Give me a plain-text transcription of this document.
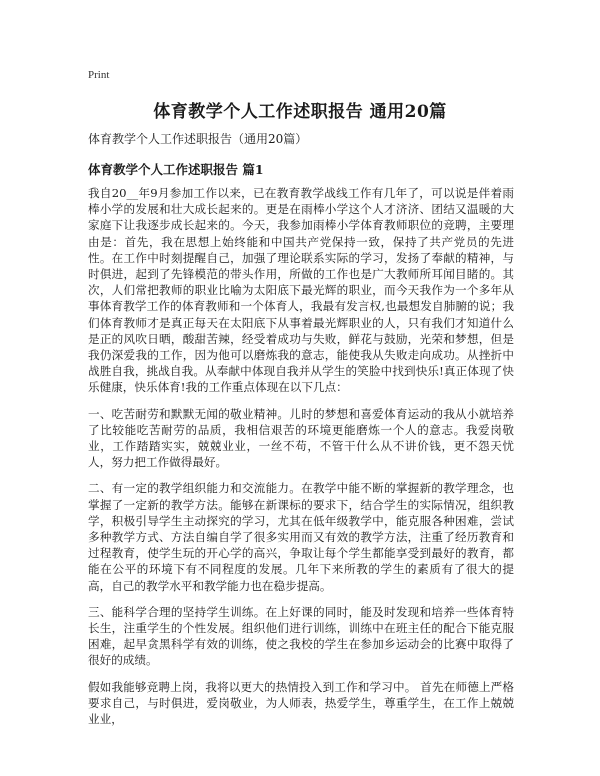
Print
体育教学个人工作述职报告 通用20篇
体育教学个人工作述职报告（通用20篇）
体育教学个人工作述职报告 篇1

我自20__年9月参加工作以来，已在教育教学战线工作有几年了，可以说是伴着雨棒小学的发展和壮大成长起来的。更是在雨棒小学这个人才济济、团结又温暖的大家庭下让我逐步成长起来的。今天，我参加雨棒小学体育教师职位的竞聘，主要理由是：首先，我在思想上始终能和中国共产党保持一致，保持了共产党员的先进性。在工作中时刻提醒自己，加强了理论联系实际的学习，发扬了奉献的精神，与时俱进，起到了先锋模范的带头作用，所做的工作也是广大教师所耳闻目睹的。其次，人们常把教师的职业比喻为太阳底下最光辉的职业，而今天我作为一个多年从事体育教学工作的体育教师和一个体育人，我最有发言权,也最想发自肺腑的说；我们体育教师才是真正每天在太阳底下从事着最光辉职业的人，只有我们才知道什么是正的风吹日晒，酸甜苦辣，经受着成功与失败，鲜花与鼓励，光荣和梦想，但是我仍深爱我的工作，因为他可以磨炼我的意志，能使我从失败走向成功。从挫折中战胜自我，挑战自我。从奉献中体现自我并从学生的笑脸中找到快乐!真正体现了快乐健康，快乐体育!我的工作重点体现在以下几点：

一、吃苦耐劳和默默无闻的敬业精神。儿时的梦想和喜爱体育运动的我从小就培养了比较能吃苦耐劳的品质，我相信艰苦的环境更能磨炼一个人的意志。我爱岗敬业，工作踏踏实实，兢兢业业，一丝不苟，不管干什么从不讲价钱，更不怨天忧人，努力把工作做得最好。

二、有一定的教学组织能力和交流能力。在教学中能不断的掌握新的教学理念，也掌握了一定新的教学方法。能够在新课标的要求下，结合学生的实际情况，组织教学，积极引导学生主动探究的学习，尤其在低年级教学中，能克服各种困难，尝试多种教学方式、方法自编自学了很多实用而又有效的教学方法，注重了经历教育和过程教育，使学生玩的开心学的高兴，争取让每个学生都能享受到最好的教育，都能在公平的环境下有不同程度的发展。几年下来所教的学生的素质有了很大的提高，自己的教学水平和教学能力也在稳步提高。

三、能科学合理的坚持学生训练。在上好课的同时，能及时发现和培养一些体育特长生，注重学生的个性发展。组织他们进行训练，训练中在班主任的配合下能克服困难，起早贪黑科学有效的训练，使之我校的学生在参加乡运动会的比赛中取得了很好的成绩。

假如我能够竞聘上岗，我将以更大的热情投入到工作和学习中。 首先在师德上严格要求自己，与时俱进，爱岗敬业，为人师表，热爱学生，尊重学生，在工作上兢兢业业，
